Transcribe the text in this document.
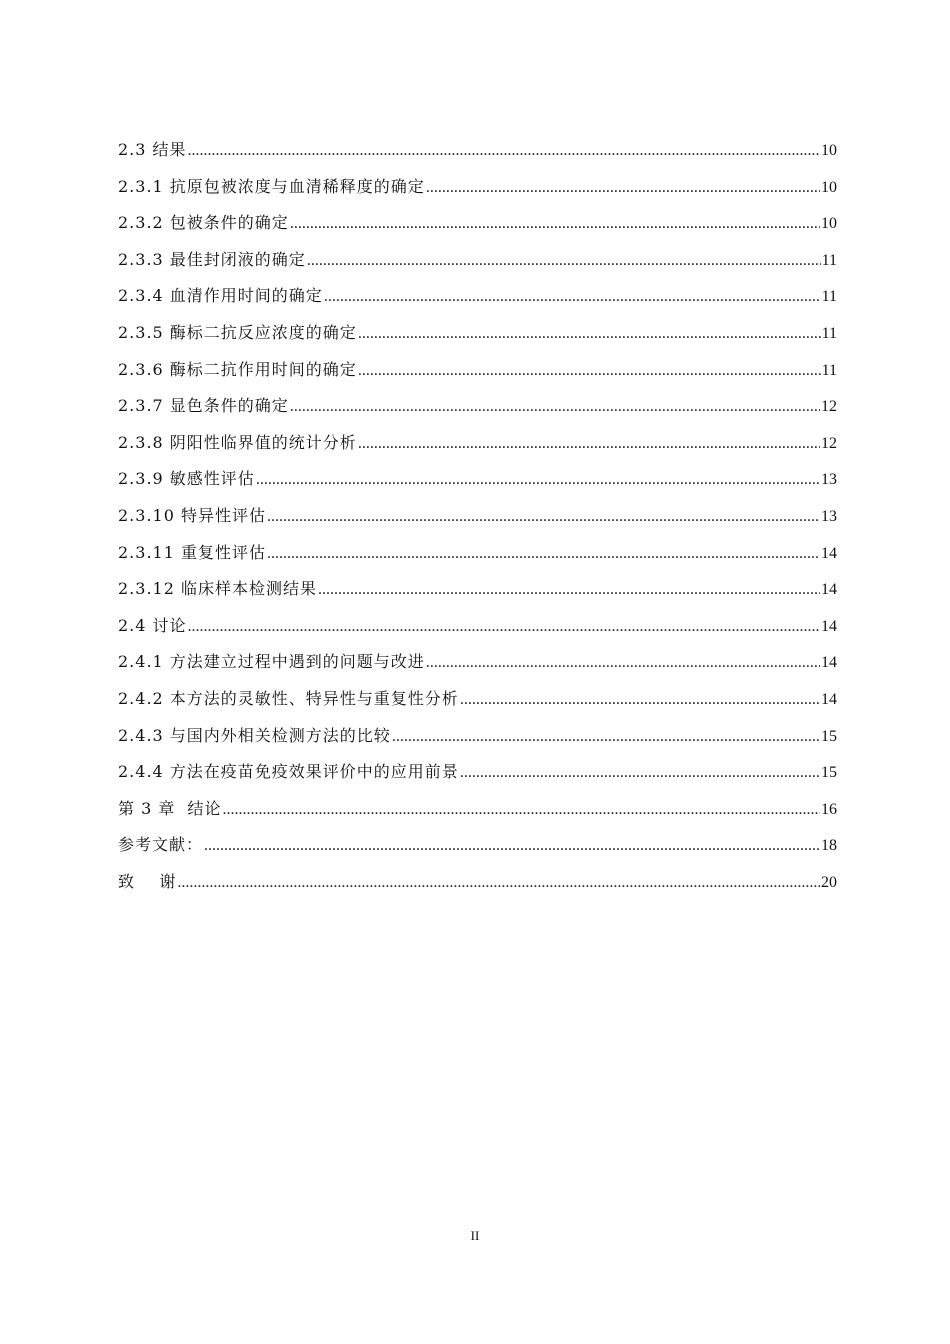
2.3 结果 .....	10
2.3.1 抗原包被浓度与血清稀释度的确定 .....	10
2.3.2 包被条件的确定 .....	10
2.3.3 最佳封闭液的确定 .....	11
2.3.4 血清作用时间的确定 .....	11
2.3.5 酶标二抗反应浓度的确定 .....	11
2.3.6 酶标二抗作用时间的确定 .....	11
2.3.7 显色条件的确定 .....	12
2.3.8 阴阳性临界值的统计分析 .....	12
2.3.9 敏感性评估 .....	13
2.3.10 特异性评估 .....	13
2.3.11 重复性评估 .....	14
2.3.12 临床样本检测结果 .....	14
2.4 讨论 .....	14
2.4.1 方法建立过程中遇到的问题与改进 .....	14
2.4.2 本方法的灵敏性、特异性与重复性分析 .....	14
2.4.3 与国内外相关检测方法的比较 .....	15
2.4.4 方法在疫苗免疫效果评价中的应用前景 .....	15
第 3 章  结论 .....	16
参考文献： .....	18
致    谢 .....	20
II
